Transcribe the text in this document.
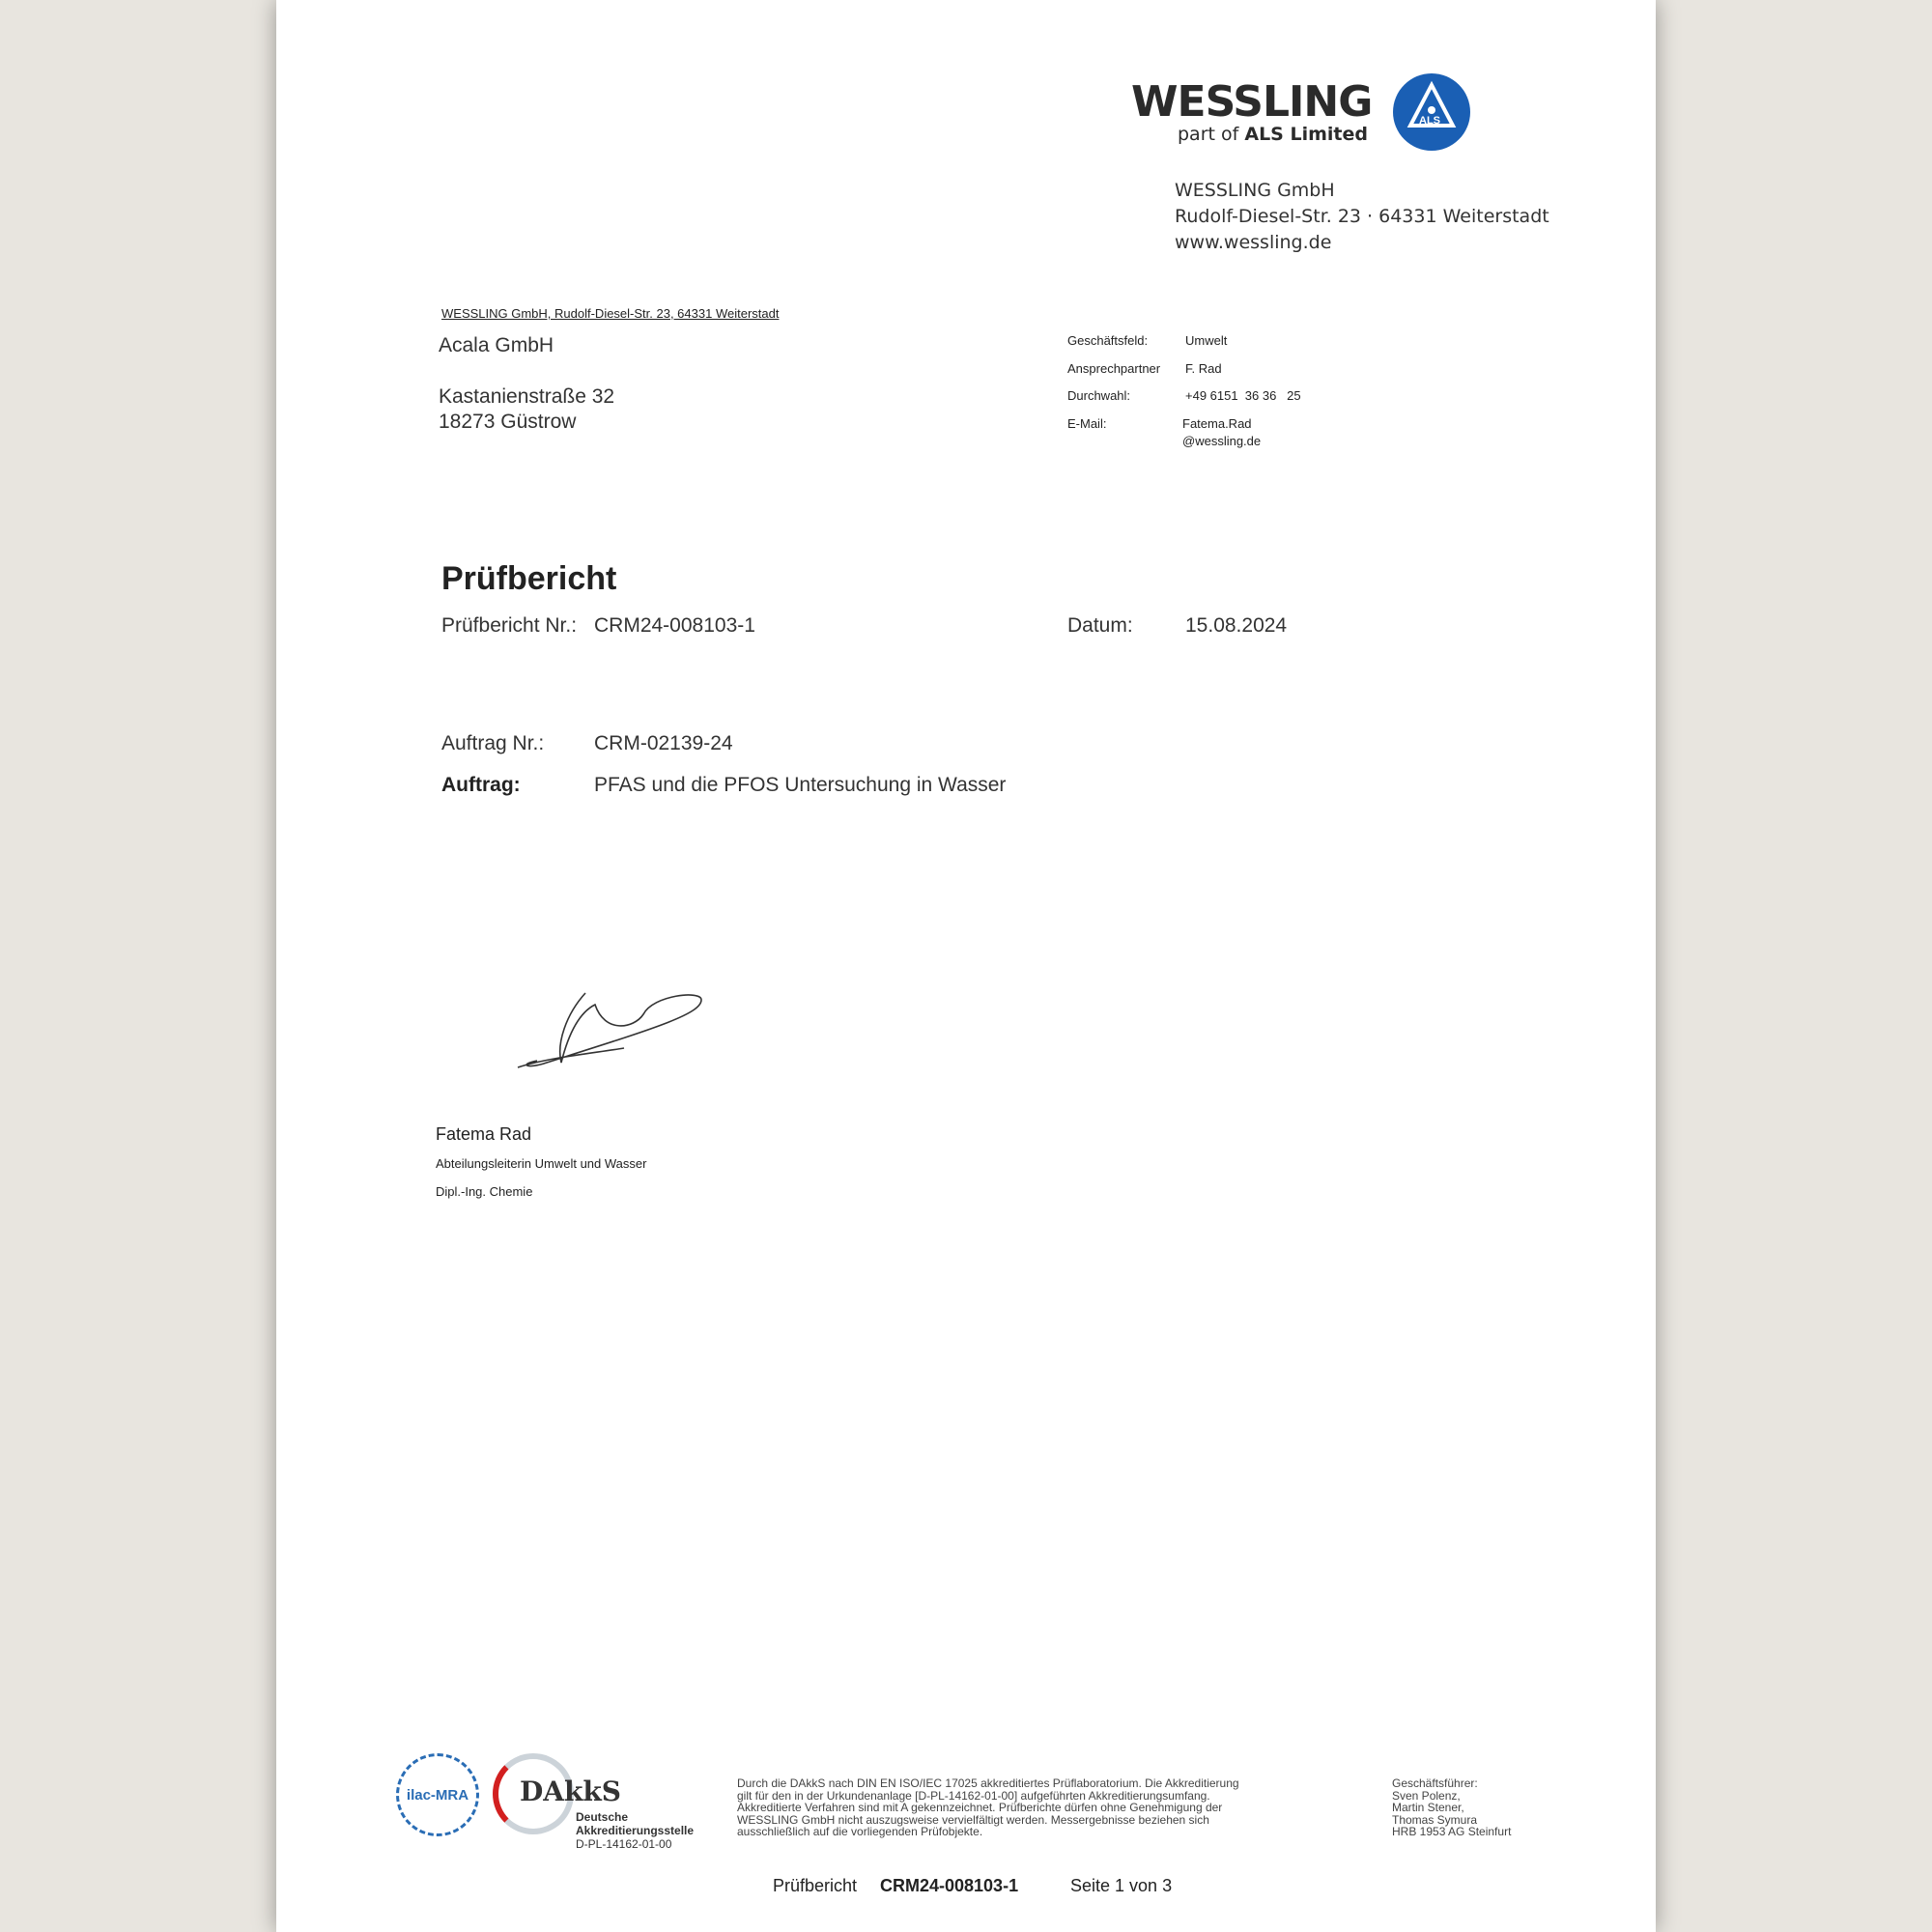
WESSLING
part of ALS Limited
ALS
WESSLING GmbH
Rudolf-Diesel-Str. 23 · 64331 Weiterstadt
www.wessling.de
WESSLING GmbH, Rudolf-Diesel-Str. 23, 64331 Weiterstadt
Acala GmbH
Kastanienstraße 32
18273 Güstrow
Geschäftsfeld:	Umwelt
Ansprechpartner F. Rad
Durchwahl:	+49 6151  36 36   25
E-Mail:	Fatema.Rad
@wessling.de
Prüfbericht
Prüfbericht Nr.: CRM24-008103-1	Datum:	15.08.2024
Auftrag Nr.: CRM-02139-24
Auftrag:	PFAS und die PFOS Untersuchung in Wasser
Fatema Rad
Abteilungsleiterin Umwelt und Wasser
Dipl.-Ing. Chemie
ilac-MRA DAkkS
Deutsche
Akkreditierungsstelle
D-PL-14162-01-00
Durch die DAkkS nach DIN EN ISO/IEC 17025 akkreditiertes Prüflaboratorium. Die Akkreditierung
gilt für den in der Urkundenanlage [D-PL-14162-01-00] aufgeführten Akkreditierungsumfang.
Akkreditierte Verfahren sind mit A gekennzeichnet. Prüfberichte dürfen ohne Genehmigung der
WESSLING GmbH nicht auszugsweise vervielfältigt werden. Messergebnisse beziehen sich
ausschließlich auf die vorliegenden Prüfobjekte.
Geschäftsführer:
Sven Polenz,
Martin Stener,
Thomas Symura
HRB 1953 AG Steinfurt
Prüfbericht CRM24-008103-1	Seite 1 von 3
